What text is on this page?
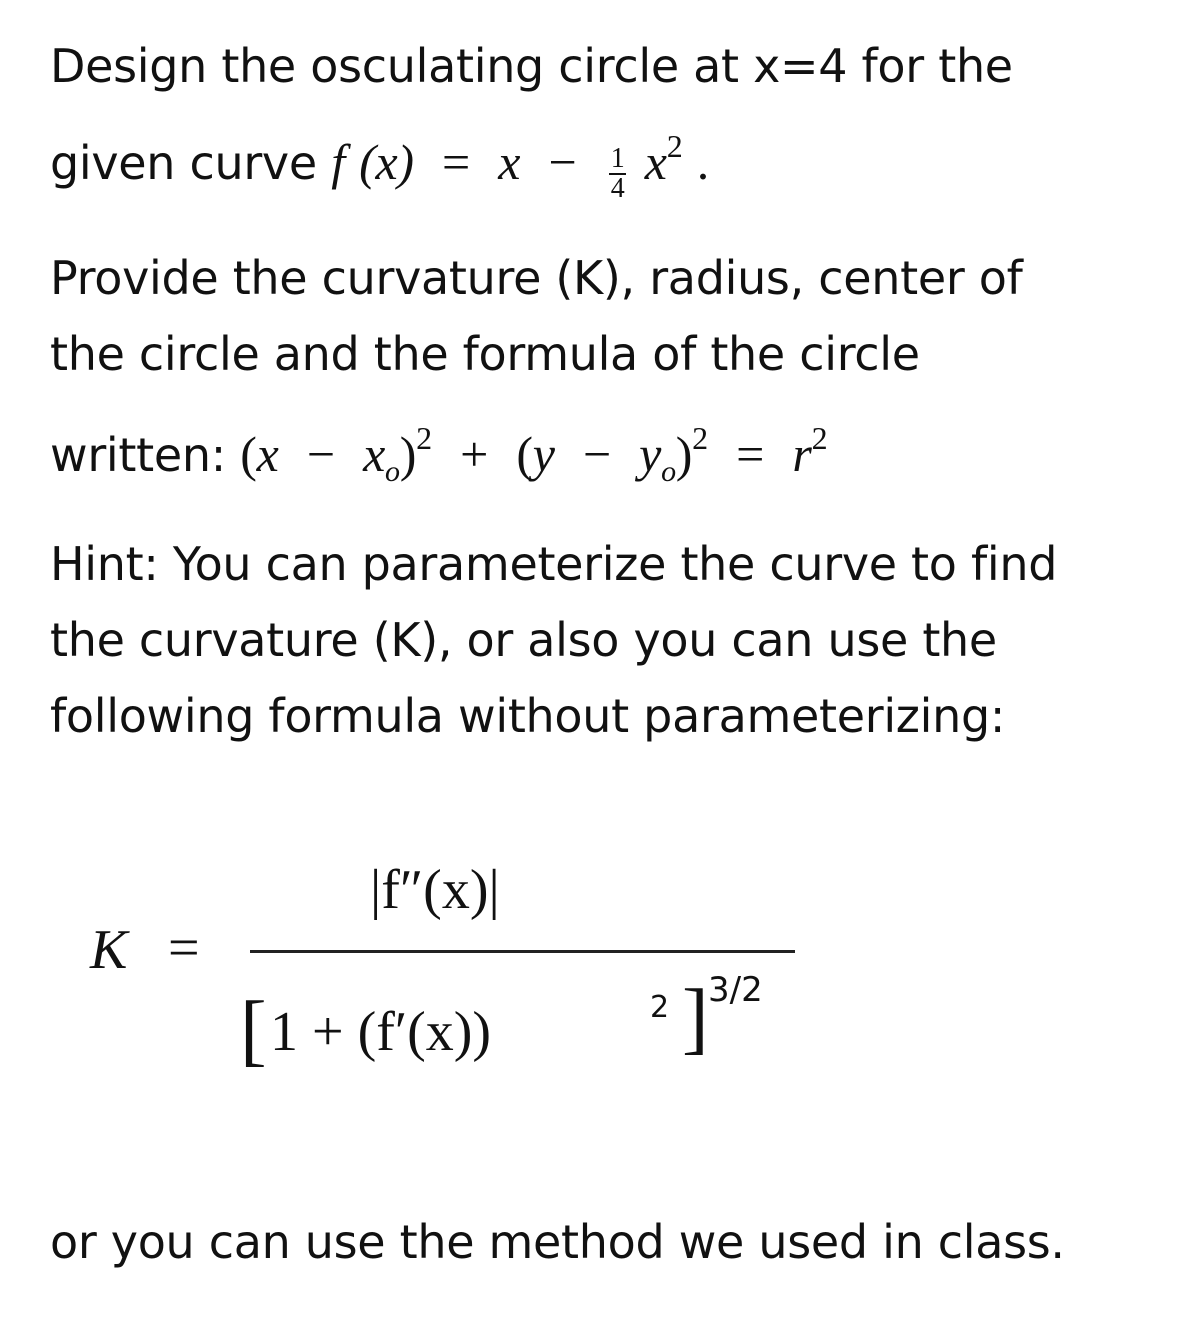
Design the osculating circle at x=4 for the
given curve f $(x) = x - \frac{1}{4} x^2$ .
Provide the curvature (K), radius, center of
the circle and the formula of the circle
written: $(x - x_o)^2 + (y - y_o)^2 = r^2$
Hint: You can parameterize the curve to find
the curvature (K), or also you can use the
following formula without parameterizing:
K =
|f″(x)|
[ 1 + (f′(x))	2 ] 3/2
or you can use the method we used in class.
